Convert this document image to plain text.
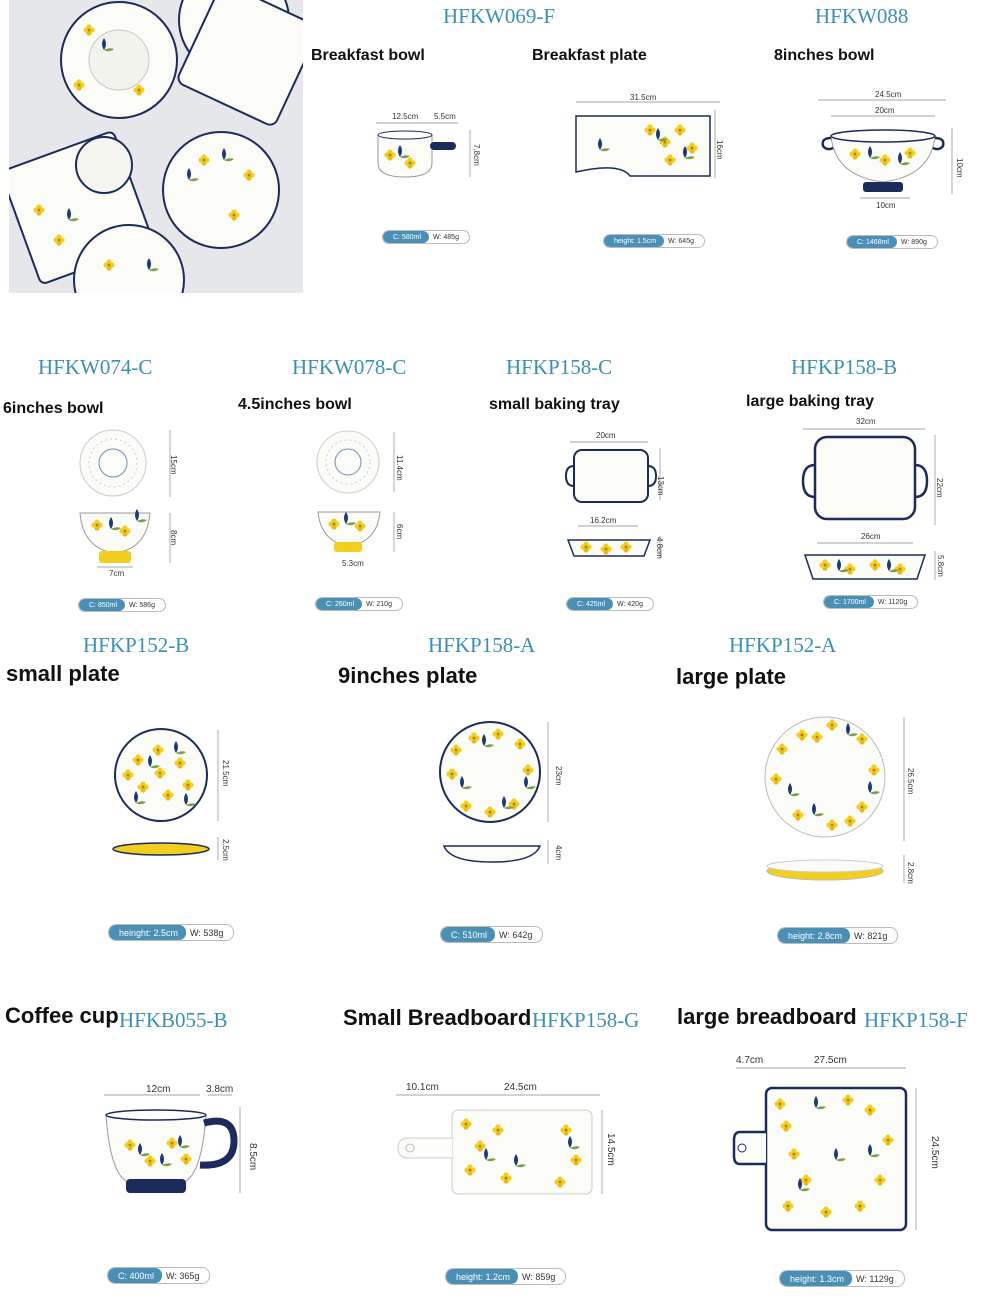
HFKW069-F	HFKW088
Breakfast bowl	Breakfast plate	8inches bowl
12.5cm 5.5cm
7.8cm
C: 580ml	W: 485g
31.5cm
16cm
height: 1.5cm	W: 645g
24.5cm
20cm
10cm
10cm
C: 1468ml	W: 890g
HFKW074-C	HFKW078-C	HFKP158-C	HFKP158-B
6inches bowl	4.5inches bowl	small baking tray	large baking tray
15cm
8cm
7cm
C: 850ml	W: 586g
11.4cm
6cm
5.3cm
C: 260ml	W: 210g
20cm
13cm
16.2cm
4.8cm
C: 425ml	W: 420g
32cm
22cm
26cm
5.8cm
C: 1700ml	W: 1120g
HFKP152-B	HFKP158-A	HFKP152-A
small plate	9inches plate	large plate
21.5cm
2.5cm
heinght: 2.5cm	W: 538g
23cm
4cm
C: 510ml	W: 642g
26.5cm
2.8cm
height: 2.8cm	W: 821g
Coffee cup HFKB055-B	Small Breadboard HFKP158-G large breadboard HFKP158-F
12cm	3.8cm
8.5cm
C: 400ml	W: 365g
10.1cm	24.5cm
14.5cm
height: 1.2cm	W: 859g
4.7cm	27.5cm
24.5cm
height: 1.3cm	W: 1129g
